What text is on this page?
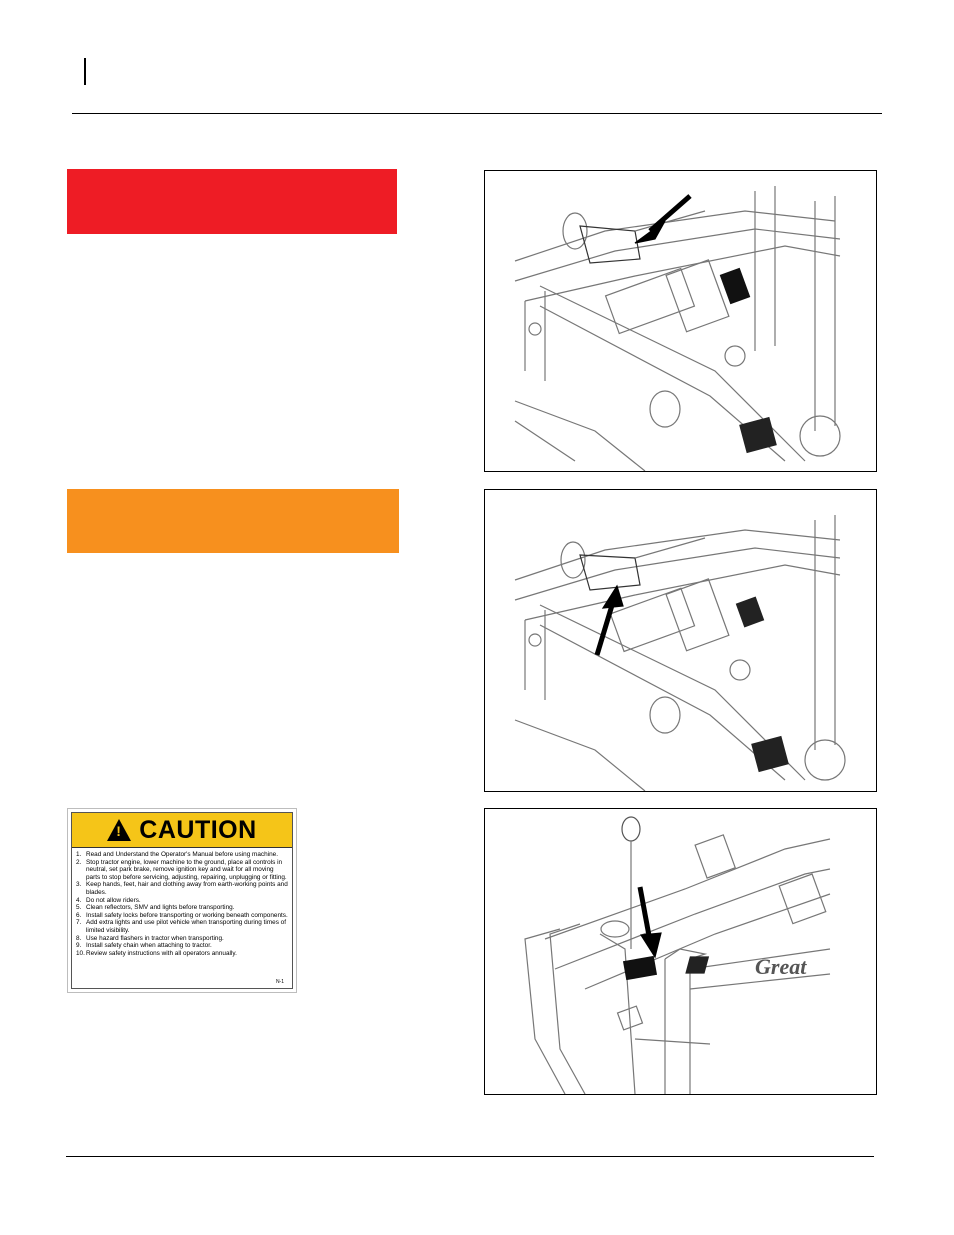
Great
!
CAUTION
1. Read and Understand the Operator's Manual before using machine.
2. Stop tractor engine, lower machine to the ground, place all controls in neutral, set park brake, remove ignition key and wait for all moving parts to stop before servicing, adjusting, repairing, unplugging or fitting.
3. Keep hands, feet, hair and clothing away from earth-working points and blades.
4. Do not allow riders.
5. Clean reflectors, SMV and lights before transporting.
6. Install safety locks before transporting or working beneath components.
7. Add extra lights and use pilot vehicle when transporting during times of limited visibility.
8. Use hazard flashers in tractor when transporting.
9. Install safety chain when attaching to tractor.
10. Review safety instructions with all operators annually.
N-1
